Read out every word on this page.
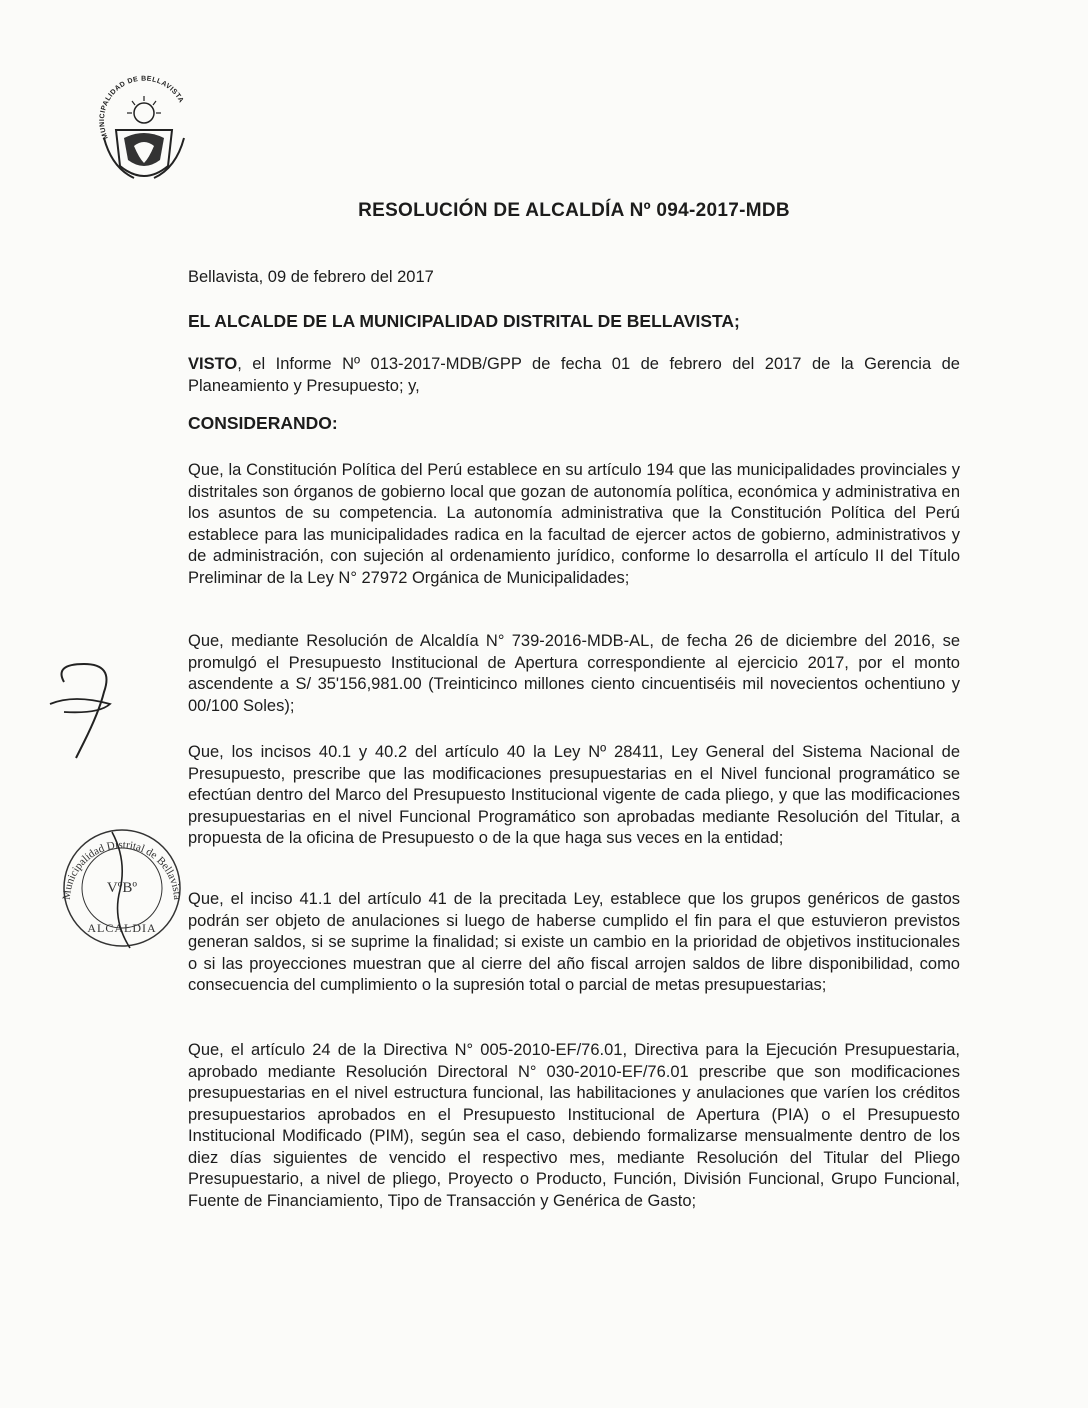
MUNICIPALIDAD DE BELLAVISTA
RESOLUCIÓN DE ALCALDÍA Nº 094-2017-MDB
Bellavista, 09 de febrero del 2017
EL ALCALDE DE LA MUNICIPALIDAD DISTRITAL DE BELLAVISTA;
VISTO, el Informe Nº 013-2017-MDB/GPP de fecha 01 de febrero del 2017 de la Gerencia de Planeamiento y Presupuesto; y,
CONSIDERANDO:
Que, la Constitución Política del Perú establece en su artículo 194 que las municipalidades provinciales y distritales son órganos de gobierno local que gozan de autonomía política, económica y administrativa en los asuntos de su competencia. La autonomía administrativa que la Constitución Política del Perú establece para las municipalidades radica en la facultad de ejercer actos de gobierno, administrativos y de administración, con sujeción al ordenamiento jurídico, conforme lo desarrolla el artículo II del Título Preliminar de la Ley N° 27972 Orgánica de Municipalidades;
Que, mediante Resolución de Alcaldía N° 739-2016-MDB-AL, de fecha 26 de diciembre del 2016, se promulgó el Presupuesto Institucional de Apertura correspondiente al ejercicio 2017, por el monto ascendente a S/ 35'156,981.00 (Treinticinco millones ciento cincuentiséis mil novecientos ochentiuno y 00/100 Soles);
Que, los incisos 40.1 y 40.2 del artículo 40 la Ley Nº 28411, Ley General del Sistema Nacional de Presupuesto, prescribe que las modificaciones presupuestarias en el Nivel funcional programático se efectúan dentro del Marco del Presupuesto Institucional vigente de cada pliego, y que las modificaciones presupuestarias en el nivel Funcional Programático son aprobadas mediante Resolución del Titular, a propuesta de la oficina de Presupuesto o de la que haga sus veces en la entidad;
Que, el inciso 41.1 del artículo 41 de la precitada Ley, establece que los grupos genéricos de gastos podrán ser objeto de anulaciones si luego de haberse cumplido el fin para el que estuvieron previstos generan saldos, si se suprime la finalidad; si existe un cambio en la prioridad de objetivos institucionales o si las proyecciones muestran que al cierre del año fiscal arrojen saldos de libre disponibilidad, como consecuencia del cumplimiento o la supresión total o parcial de metas presupuestarias;
Que, el artículo 24 de la Directiva N° 005-2010-EF/76.01, Directiva para la Ejecución Presupuestaria, aprobado mediante Resolución Directoral N° 030-2010-EF/76.01 prescribe que son modificaciones presupuestarias en el nivel estructura funcional, las habilitaciones y anulaciones que varíen los créditos presupuestarios aprobados en el Presupuesto Institucional de Apertura (PIA) o el Presupuesto Institucional Modificado (PIM), según sea el caso, debiendo formalizarse mensualmente dentro de los diez días siguientes de vencido el respectivo mes, mediante Resolución del Titular del Pliego Presupuestario, a nivel de pliego, Proyecto o Producto, Función, División Funcional, Grupo Funcional, Fuente de Financiamiento, Tipo de Transacción y Genérica de Gasto;
Municipalidad Distrital de Bellavista
VºBº
ALCALDIA
